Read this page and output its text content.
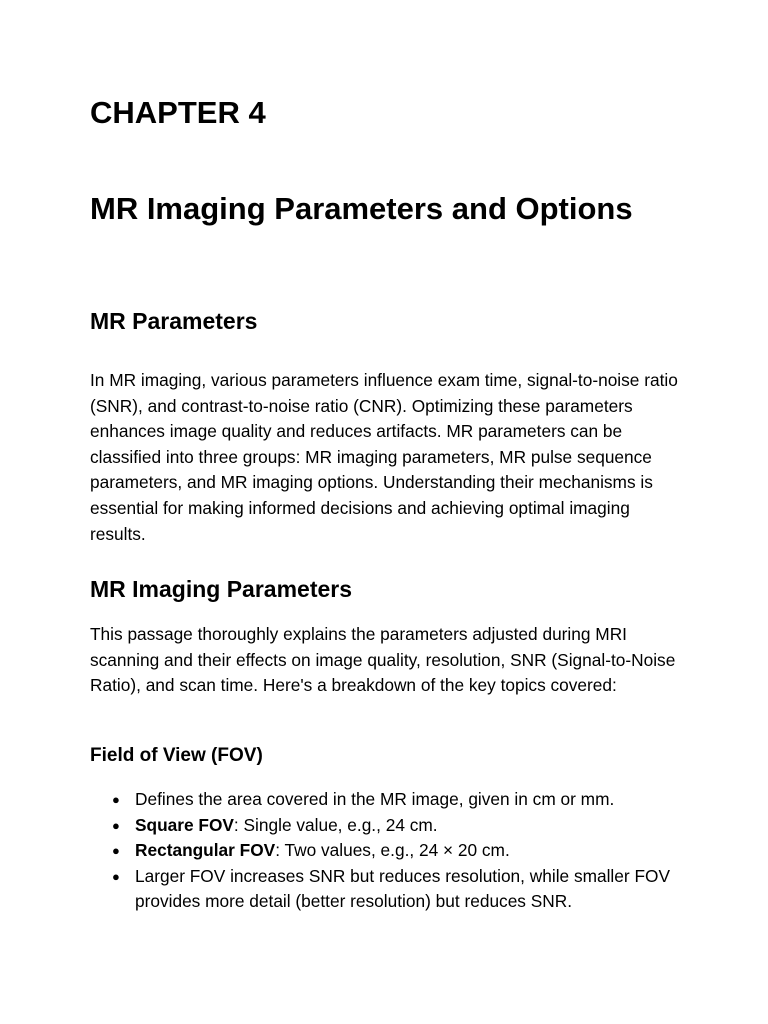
CHAPTER 4
MR Imaging Parameters and Options
MR Parameters

In MR imaging, various parameters influence exam time, signal-to-noise ratio (SNR), and contrast-to-noise ratio (CNR). Optimizing these parameters enhances image quality and reduces artifacts. MR parameters can be classified into three groups: MR imaging parameters, MR pulse sequence parameters, and MR imaging options. Understanding their mechanisms is essential for making informed decisions and achieving optimal imaging results.

MR Imaging Parameters

This passage thoroughly explains the parameters adjusted during MRI scanning and their effects on image quality, resolution, SNR (Signal-to-Noise Ratio), and scan time. Here's a breakdown of the key topics covered:

Field of View (FOV)
● Defines the area covered in the MR image, given in cm or mm.
● Square FOV: Single value, e.g., 24 cm.
● Rectangular FOV: Two values, e.g., 24 × 20 cm.
● Larger FOV increases SNR but reduces resolution, while smaller FOV provides more detail (better resolution) but reduces SNR.
